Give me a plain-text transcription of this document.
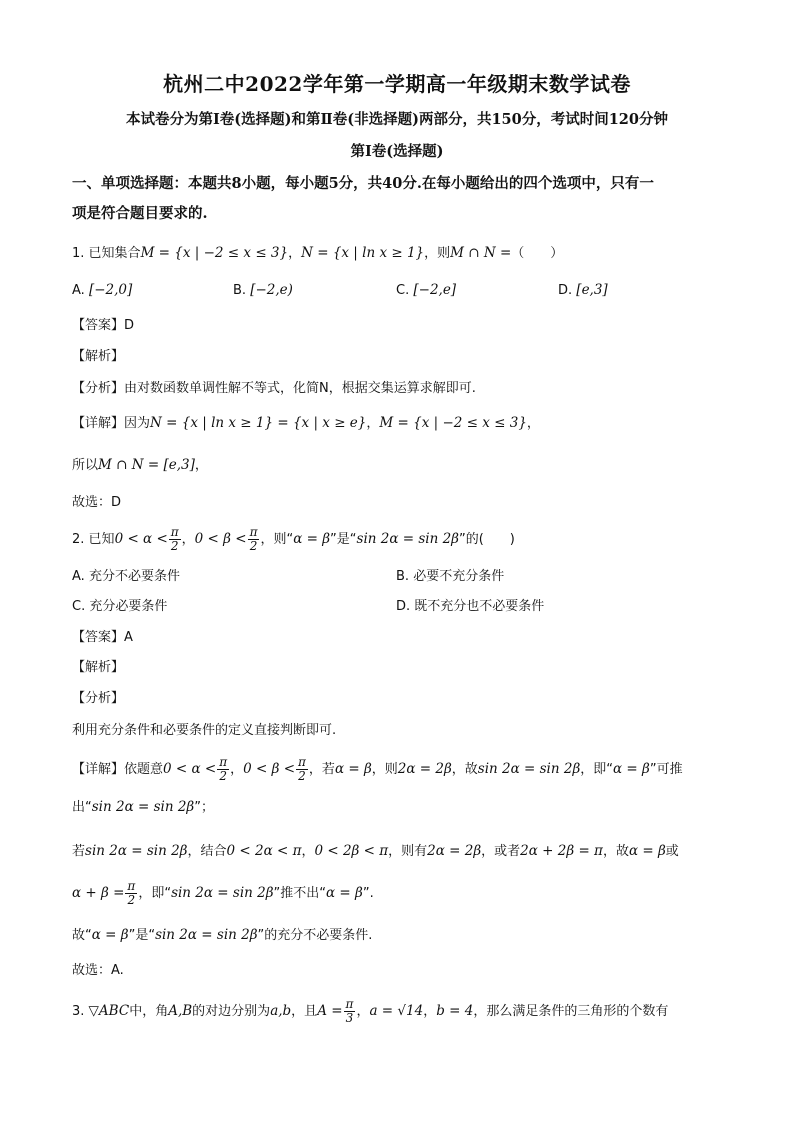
杭州二中2022学年第一学期高一年级期末数学试卷
本试卷分为第Ⅰ卷(选择题)和第Ⅱ卷(非选择题)两部分，共150分，考试时间120分钟
第Ⅰ卷(选择题)
一、单项选择题：本题共8小题，每小题5分，共40分.在每小题给出的四个选项中，只有一
项是符合题目要求的.
1. 已知集合M = {x | −2 ≤ x ≤ 3}，N = {x | ln x ≥ 1}，则M ∩ N =（　　）
A. [−2,0]	B. [−2,e)	C. [−2,e]	D. [e,3]
【答案】D
【解析】
【分析】由对数函数单调性解不等式，化简N，根据交集运算求解即可.
【详解】因为N = {x | ln x ≥ 1} = {x | x ≥ e}，M = {x | −2 ≤ x ≤ 3}，
所以M ∩ N = [e,3]，
故选：D
2. 已知$0 < \alpha < \frac{\pi}{2}$ ，$0 < \beta < \frac{\pi}{2}$ ，则“α = β”是“sin 2α = sin 2β”的(　　)
A. 充分不必要条件	B. 必要不充分条件
C. 充分必要条件	D. 既不充分也不必要条件
【答案】A
【解析】
【分析】
利用充分条件和必要条件的定义直接判断即可.
【详解】依题意$0 < \alpha < \frac{\pi}{2}$ ，$0 < \beta < \frac{\pi}{2}$ ，若α = β，则2α = 2β，故sin 2α = sin 2β，即“α = β”可推
出“sin 2α = sin 2β”；
若sin 2α = sin 2β，结合0 < 2α < π，0 < 2β < π，则有2α = 2β，或者2α + 2β = π，故α = β或
$\alpha + \beta = \frac{\pi}{2}$ ，即“sin 2α = sin 2β”推不出“α = β”.
故“α = β”是“sin 2α = sin 2β”的充分不必要条件.
故选：A.
3. ▽ABC中，角A,B的对边分别为a,b，且$A = \frac{\pi}{3}$ ，a = √14，b = 4，那么满足条件的三角形的个数有
